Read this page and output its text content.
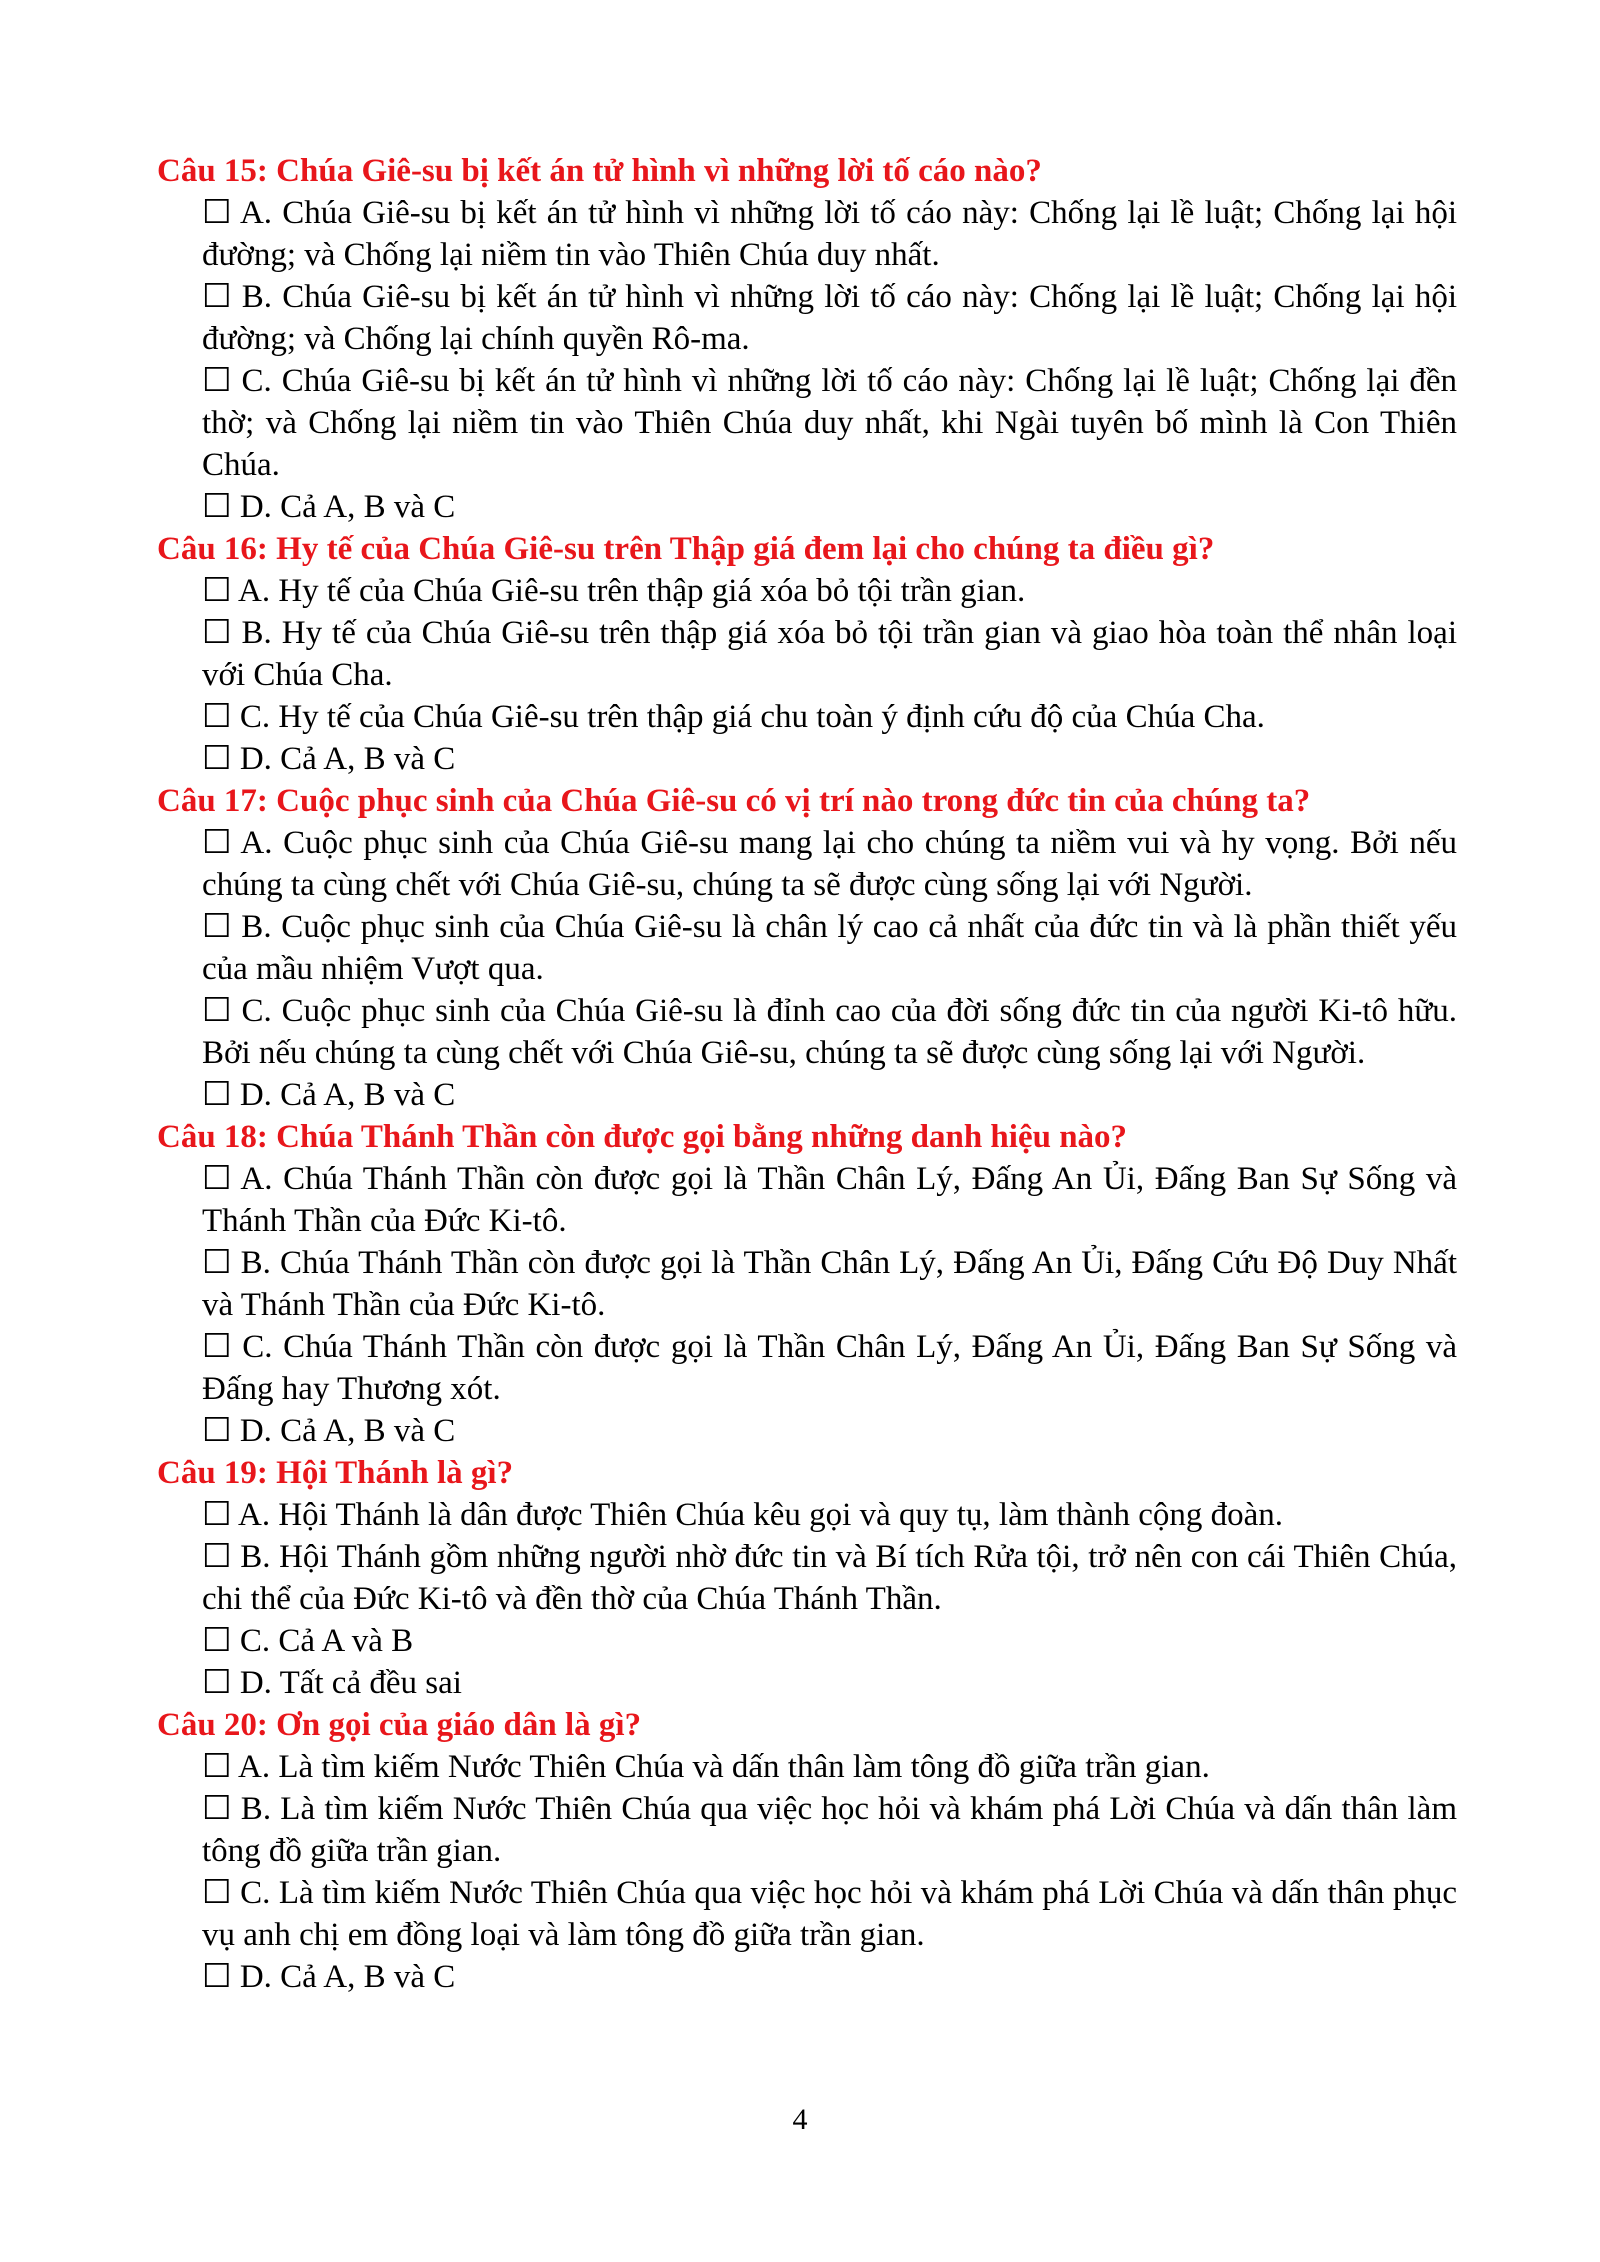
Câu 15: Chúa Giê-su bị kết án tử hình vì những lời tố cáo nào?

☐ A. Chúa Giê-su bị kết án tử hình vì những lời tố cáo này: Chống lại lề luật; Chống lại hội đường; và Chống lại niềm tin vào Thiên Chúa duy nhất.

☐ B. Chúa Giê-su bị kết án tử hình vì những lời tố cáo này: Chống lại lề luật; Chống lại hội đường; và Chống lại chính quyền Rô-ma.

☐ C. Chúa Giê-su bị kết án tử hình vì những lời tố cáo này: Chống lại lề luật; Chống lại đền thờ; và Chống lại niềm tin vào Thiên Chúa duy nhất, khi Ngài tuyên bố mình là Con Thiên Chúa.

☐ D. Cả A, B và C

Câu 16: Hy tế của Chúa Giê-su trên Thập giá đem lại cho chúng ta điều gì?

☐ A. Hy tế của Chúa Giê-su trên thập giá xóa bỏ tội trần gian.

☐ B. Hy tế của Chúa Giê-su trên thập giá xóa bỏ tội trần gian và giao hòa toàn thể nhân loại với Chúa Cha.

☐ C. Hy tế của Chúa Giê-su trên thập giá chu toàn ý định cứu độ của Chúa Cha.

☐ D. Cả A, B và C

Câu 17: Cuộc phục sinh của Chúa Giê-su có vị trí nào trong đức tin của chúng ta?

☐ A. Cuộc phục sinh của Chúa Giê-su mang lại cho chúng ta niềm vui và hy vọng. Bởi nếu chúng ta cùng chết với Chúa Giê-su, chúng ta sẽ được cùng sống lại với Người.

☐ B. Cuộc phục sinh của Chúa Giê-su là chân lý cao cả nhất của đức tin và là phần thiết yếu của mầu nhiệm Vượt qua.

☐ C. Cuộc phục sinh của Chúa Giê-su là đỉnh cao của đời sống đức tin của người Ki-tô hữu. Bởi nếu chúng ta cùng chết với Chúa Giê-su, chúng ta sẽ được cùng sống lại với Người.

☐ D. Cả A, B và C

Câu 18: Chúa Thánh Thần còn được gọi bằng những danh hiệu nào?

☐ A. Chúa Thánh Thần còn được gọi là Thần Chân Lý, Đấng An Ủi, Đấng Ban Sự Sống và Thánh Thần của Đức Ki-tô.

☐ B. Chúa Thánh Thần còn được gọi là Thần Chân Lý, Đấng An Ủi, Đấng Cứu Độ Duy Nhất và Thánh Thần của Đức Ki-tô.

☐ C. Chúa Thánh Thần còn được gọi là Thần Chân Lý, Đấng An Ủi, Đấng Ban Sự Sống và Đấng hay Thương xót.

☐ D. Cả A, B và C

Câu 19: Hội Thánh là gì?

☐ A. Hội Thánh là dân được Thiên Chúa kêu gọi và quy tụ, làm thành cộng đoàn.

☐ B. Hội Thánh gồm những người nhờ đức tin và Bí tích Rửa tội, trở nên con cái Thiên Chúa, chi thể của Đức Ki-tô và đền thờ của Chúa Thánh Thần.

☐ C. Cả A và B

☐ D. Tất cả đều sai

Câu 20: Ơn gọi của giáo dân là gì?

☐ A. Là tìm kiếm Nước Thiên Chúa và dấn thân làm tông đồ giữa trần gian.

☐ B. Là tìm kiếm Nước Thiên Chúa qua việc học hỏi và khám phá Lời Chúa và dấn thân làm tông đồ giữa trần gian.

☐ C. Là tìm kiếm Nước Thiên Chúa qua việc học hỏi và khám phá Lời Chúa và dấn thân phục vụ anh chị em đồng loại và làm tông đồ giữa trần gian.

☐ D. Cả A, B và C

4
